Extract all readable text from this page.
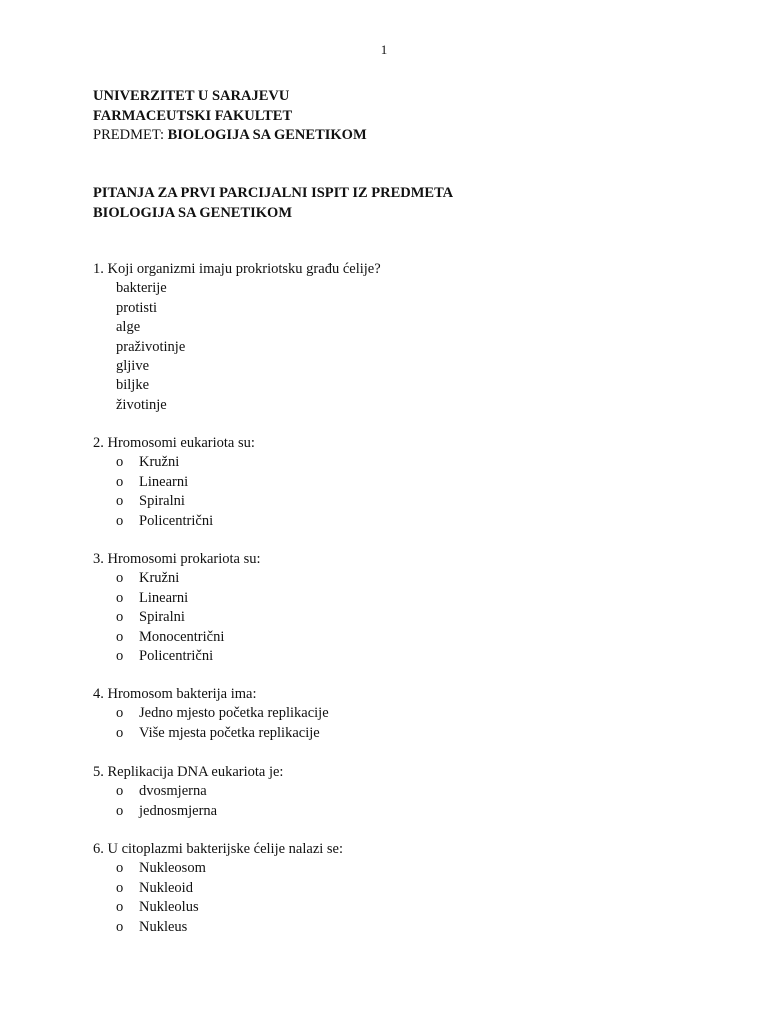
1
UNIVERZITET U SARAJEVU
FARMACEUTSKI FAKULTET
PREDMET: BIOLOGIJA SA GENETIKOM
PITANJA ZA PRVI PARCIJALNI ISPIT IZ PREDMETA
BIOLOGIJA SA GENETIKOM
1. Koji organizmi imaju prokriotsku građu ćelije?
bakterije
protisti
alge
praživotinje
gljive
biljke
životinje
2. Hromosomi eukariota su:
o Kružni
o Linearni
o Spiralni
o Policentrični
3. Hromosomi prokariota su:
o Kružni
o Linearni
o Spiralni
o Monocentrični
o Policentrični
4. Hromosom bakterija ima:
o Jedno mjesto početka replikacije
o Više mjesta početka replikacije
5. Replikacija DNA eukariota je:
o dvosmjerna
o jednosmjerna
6. U citoplazmi bakterijske ćelije nalazi se:
o Nukleosom
o Nukleoid
o Nukleolus
o Nukleus
